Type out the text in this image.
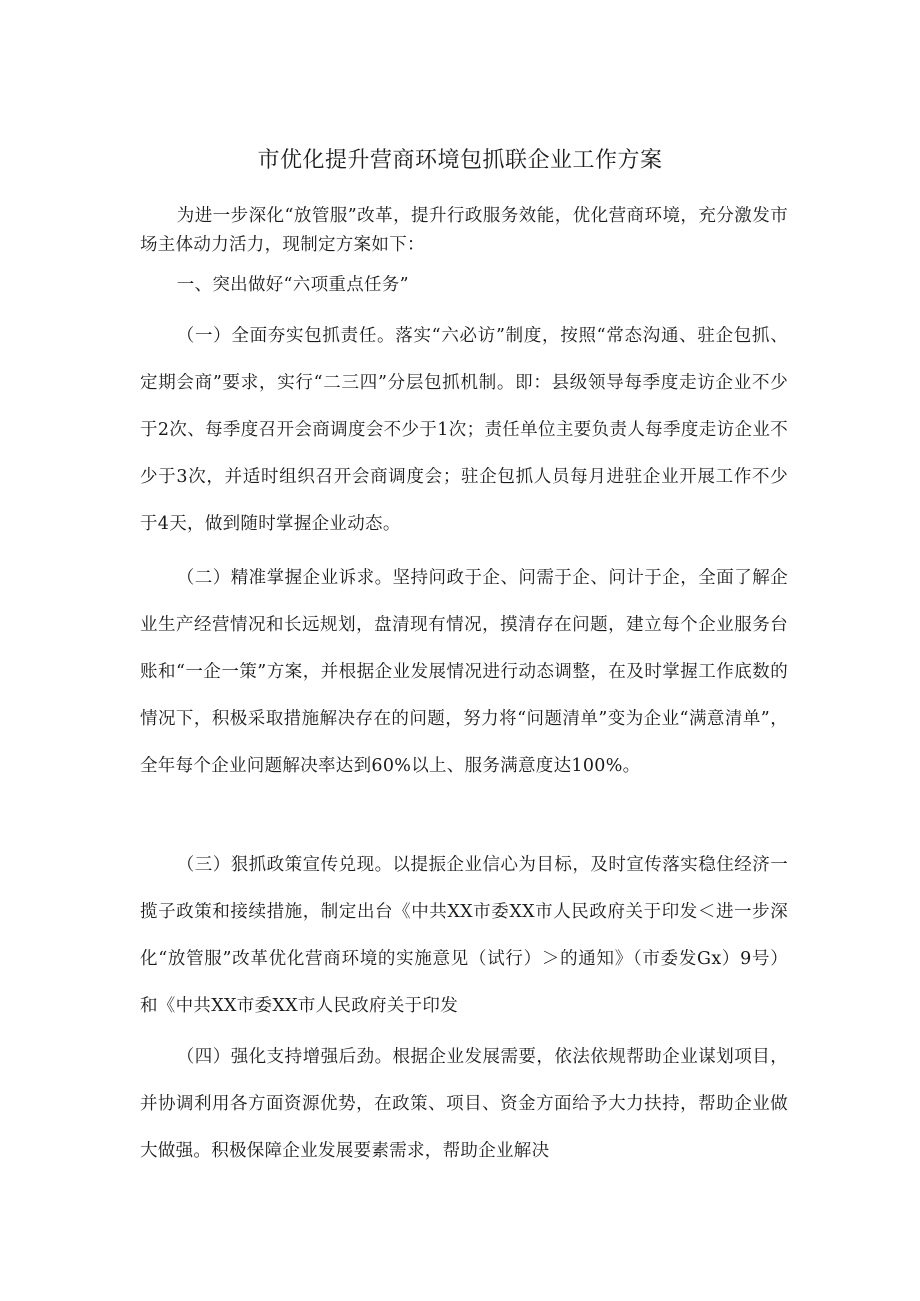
市优化提升营商环境包抓联企业工作方案
为进一步深化“放管服”改革，提升行政服务效能，优化营商环境，充分激发市场主体动力活力，现制定方案如下：
一、突出做好“六项重点任务”
（一）全面夯实包抓责任。落实“六必访”制度，按照“常态沟通、驻企包抓、定期会商”要求，实行“二三四”分层包抓机制。即：县级领导每季度走访企业不少于2次、每季度召开会商调度会不少于1次；责任单位主要负责人每季度走访企业不少于3次，并适时组织召开会商调度会；驻企包抓人员每月进驻企业开展工作不少于4天，做到随时掌握企业动态。
（二）精准掌握企业诉求。坚持问政于企、问需于企、问计于企，全面了解企业生产经营情况和长远规划，盘清现有情况，摸清存在问题，建立每个企业服务台账和“一企一策”方案，并根据企业发展情况进行动态调整，在及时掌握工作底数的情况下，积极采取措施解决存在的问题，努力将“问题清单”变为企业“满意清单”，全年每个企业问题解决率达到60%以上、服务满意度达100%。
（三）狠抓政策宣传兑现。以提振企业信心为目标，及时宣传落实稳住经济一揽子政策和接续措施，制定出台《中共XX市委XX市人民政府关于印发＜进一步深化“放管服”改革优化营商环境的实施意见（试行）＞的通知》（市委发Gx）9号）和《中共XX市委XX市人民政府关于印发
（四）强化支持增强后劲。根据企业发展需要，依法依规帮助企业谋划项目，并协调利用各方面资源优势，在政策、项目、资金方面给予大力扶持，帮助企业做大做强。积极保障企业发展要素需求，帮助企业解决
